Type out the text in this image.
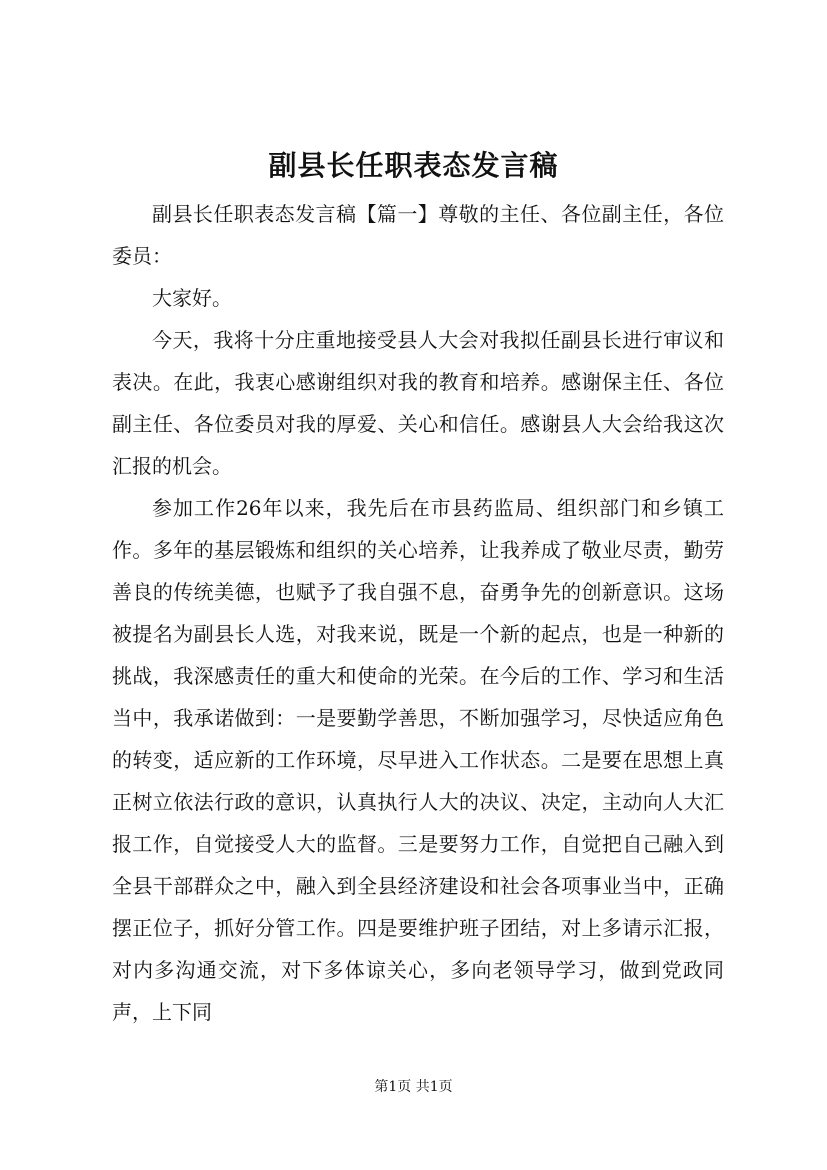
副县长任职表态发言稿

副县长任职表态发言稿【篇一】尊敬的主任、各位副主任，各位委员：

大家好。

今天，我将十分庄重地接受县人大会对我拟任副县长进行审议和表决。在此，我衷心感谢组织对我的教育和培养。感谢保主任、各位副主任、各位委员对我的厚爱、关心和信任。感谢县人大会给我这次汇报的机会。

参加工作26年以来，我先后在市县药监局、组织部门和乡镇工作。多年的基层锻炼和组织的关心培养，让我养成了敬业尽责，勤劳善良的传统美德，也赋予了我自强不息，奋勇争先的创新意识。这场被提名为副县长人选，对我来说，既是一个新的起点，也是一种新的挑战，我深感责任的重大和使命的光荣。在今后的工作、学习和生活当中，我承诺做到：一是要勤学善思，不断加强学习，尽快适应角色的转变，适应新的工作环境，尽早进入工作状态。二是要在思想上真正树立依法行政的意识，认真执行人大的决议、决定，主动向人大汇报工作，自觉接受人大的监督。三是要努力工作，自觉把自己融入到全县干部群众之中，融入到全县经济建设和社会各项事业当中，正确摆正位子，抓好分管工作。四是要维护班子团结，对上多请示汇报，对内多沟通交流，对下多体谅关心，多向老领导学习，做到党政同声，上下同

第1页 共1页
